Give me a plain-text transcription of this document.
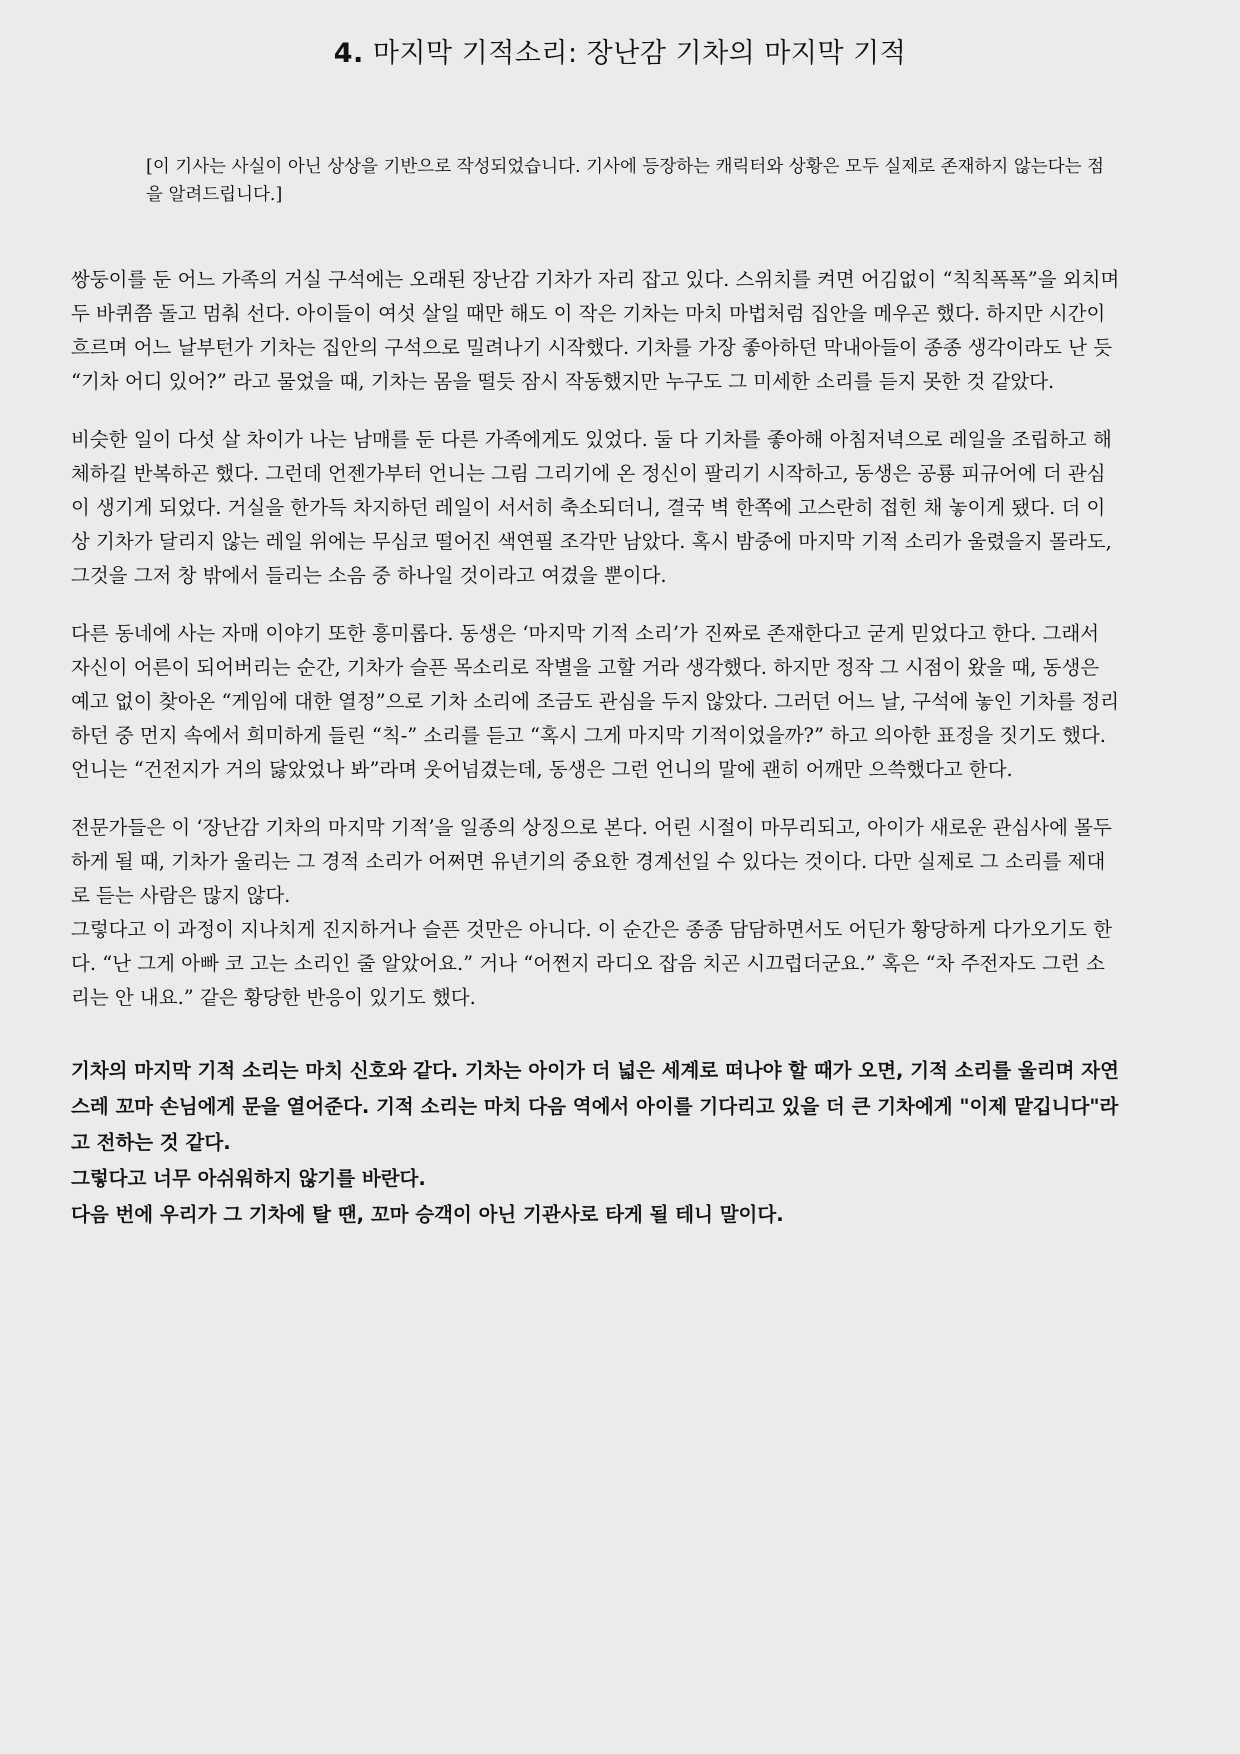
4. 마지막 기적소리: 장난감 기차의 마지막 기적

[이 기사는 사실이 아닌 상상을 기반으로 작성되었습니다. 기사에 등장하는 캐릭터와 상황은 모두 실제로 존재하지 않는다는 점을 알려드립니다.]

쌍둥이를 둔 어느 가족의 거실 구석에는 오래된 장난감 기차가 자리 잡고 있다. 스위치를 켜면 어김없이 “칙칙폭폭”을 외치며 두 바퀴쯤 돌고 멈춰 선다. 아이들이 여섯 살일 때만 해도 이 작은 기차는 마치 마법처럼 집안을 메우곤 했다. 하지만 시간이 흐르며 어느 날부턴가 기차는 집안의 구석으로 밀려나기 시작했다. 기차를 가장 좋아하던 막내아들이 종종 생각이라도 난 듯 “기차 어디 있어?” 라고 물었을 때, 기차는 몸을 떨듯 잠시 작동했지만 누구도 그 미세한 소리를 듣지 못한 것 같았다.

비슷한 일이 다섯 살 차이가 나는 남매를 둔 다른 가족에게도 있었다. 둘 다 기차를 좋아해 아침저녁으로 레일을 조립하고 해체하길 반복하곤 했다. 그런데 언젠가부터 언니는 그림 그리기에 온 정신이 팔리기 시작하고, 동생은 공룡 피규어에 더 관심이 생기게 되었다. 거실을 한가득 차지하던 레일이 서서히 축소되더니, 결국 벽 한쪽에 고스란히 접힌 채 놓이게 됐다. 더 이상 기차가 달리지 않는 레일 위에는 무심코 떨어진 색연필 조각만 남았다. 혹시 밤중에 마지막 기적 소리가 울렸을지 몰라도, 그것을 그저 창 밖에서 들리는 소음 중 하나일 것이라고 여겼을 뿐이다.

다른 동네에 사는 자매 이야기 또한 흥미롭다. 동생은 ‘마지막 기적 소리’가 진짜로 존재한다고 굳게 믿었다고 한다. 그래서 자신이 어른이 되어버리는 순간, 기차가 슬픈 목소리로 작별을 고할 거라 생각했다. 하지만 정작 그 시점이 왔을 때, 동생은 예고 없이 찾아온 “게임에 대한 열정”으로 기차 소리에 조금도 관심을 두지 않았다. 그러던 어느 날, 구석에 놓인 기차를 정리하던 중 먼지 속에서 희미하게 들린 “칙-” 소리를 듣고 “혹시 그게 마지막 기적이었을까?” 하고 의아한 표정을 짓기도 했다. 언니는 “건전지가 거의 닳았었나 봐”라며 웃어넘겼는데, 동생은 그런 언니의 말에 괜히 어깨만 으쓱했다고 한다.

전문가들은 이 ‘장난감 기차의 마지막 기적’을 일종의 상징으로 본다. 어린 시절이 마무리되고, 아이가 새로운 관심사에 몰두하게 될 때, 기차가 울리는 그 경적 소리가 어쩌면 유년기의 중요한 경계선일 수 있다는 것이다. 다만 실제로 그 소리를 제대로 듣는 사람은 많지 않다.

그렇다고 이 과정이 지나치게 진지하거나 슬픈 것만은 아니다. 이 순간은 종종 담담하면서도 어딘가 황당하게 다가오기도 한다. “난 그게 아빠 코 고는 소리인 줄 알았어요.” 거나 “어쩐지 라디오 잡음 치곤 시끄럽더군요.” 혹은 “차 주전자도 그런 소리는 안 내요.” 같은 황당한 반응이 있기도 했다.

기차의 마지막 기적 소리는 마치 신호와 같다. 기차는 아이가 더 넓은 세계로 떠나야 할 때가 오면, 기적 소리를 울리며 자연스레 꼬마 손님에게 문을 열어준다. 기적 소리는 마치 다음 역에서 아이를 기다리고 있을 더 큰 기차에게 "이제 맡깁니다"라고 전하는 것 같다.

그렇다고 너무 아쉬워하지 않기를 바란다.

다음 번에 우리가 그 기차에 탈 땐, 꼬마 승객이 아닌 기관사로 타게 될 테니 말이다.
